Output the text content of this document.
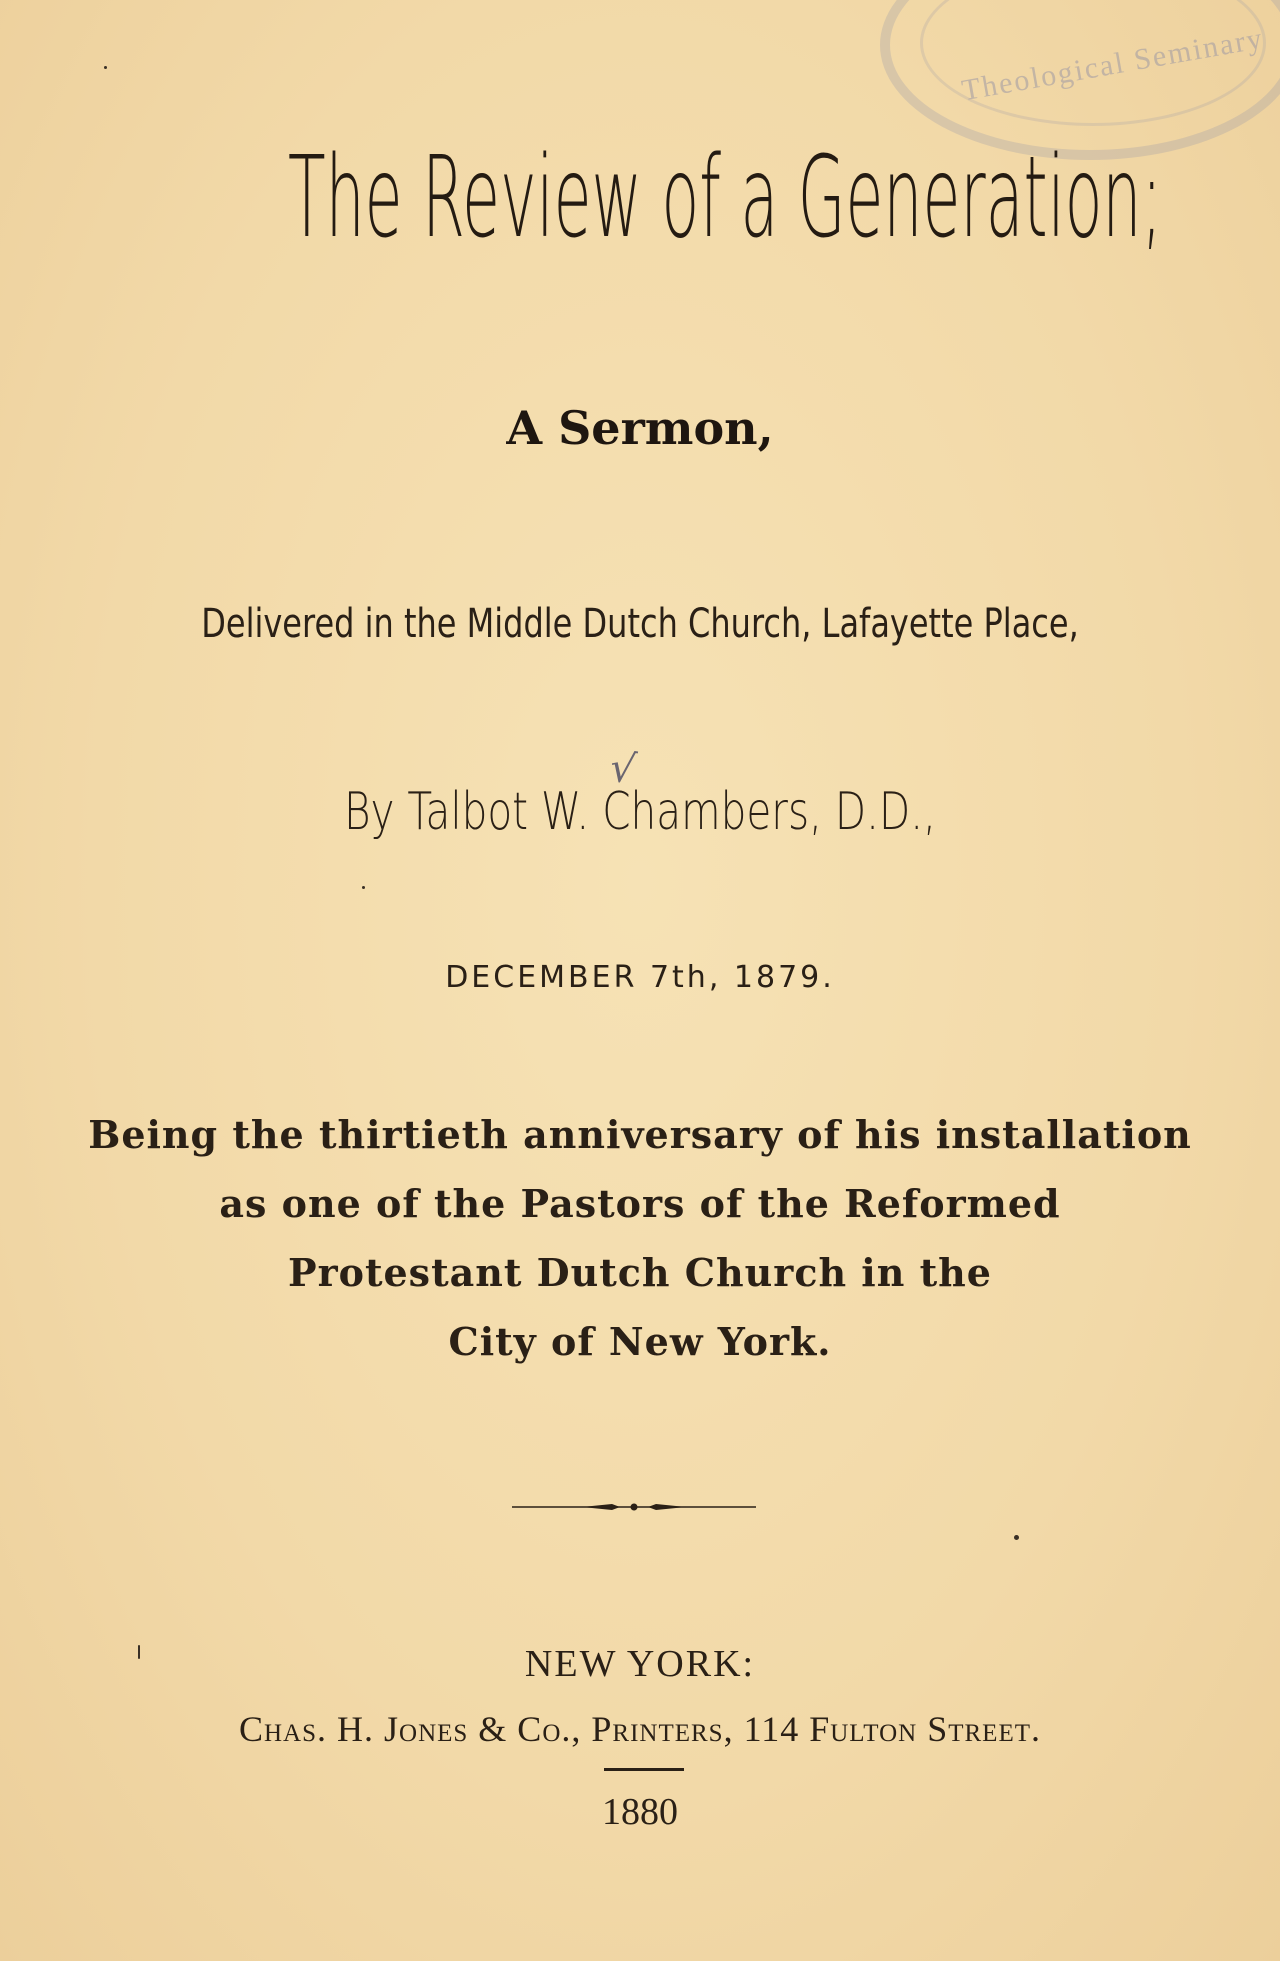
Theological Seminary
The Review of a Generation;
A Sermon,
Delivered in the Middle Dutch Church, Lafayette Place,
√
By Talbot W. Chambers, D.D.,
DECEMBER 7th, 1879.
Being the thirtieth anniversary of his installation
as one of the Pastors of the Reformed
Protestant Dutch Church in the
City of New York.
NEW YORK:
Chas. H. Jones & Co., Printers, 114 Fulton Street.
1880
